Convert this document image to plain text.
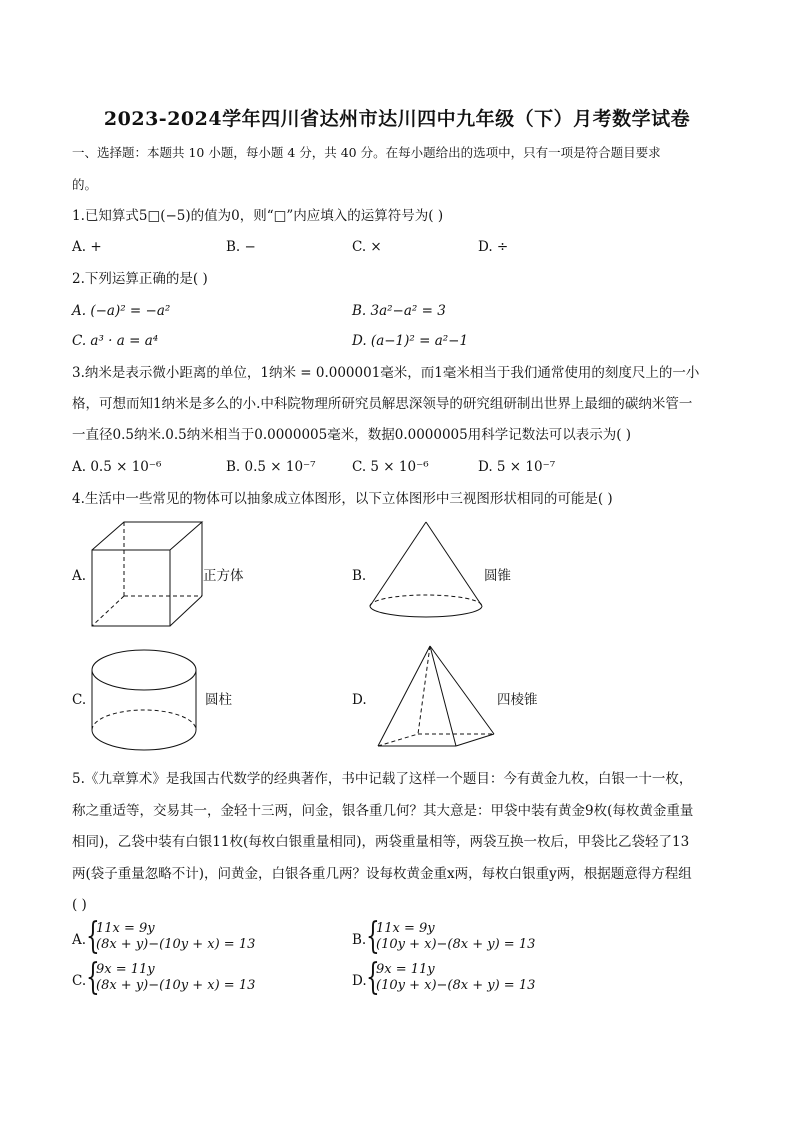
2023-2024学年四川省达州市达川四中九年级（下）月考数学试卷
一、选择题：本题共 10 小题，每小题 4 分，共 40 分。在每小题给出的选项中，只有一项是符合题目要求
的。
1.已知算式5□(−5)的值为0，则“□”内应填入的运算符号为( )
A. +	B. −	C. ×	D. ÷
2.下列运算正确的是( )
A. (−a)² = −a²	B. 3a²−a² = 3
C. a³ · a = a⁴	D. (a−1)² = a²−1
3.纳米是表示微小距离的单位，1纳米 = 0.000001毫米，而1毫米相当于我们通常使用的刻度尺上的一小
格，可想而知1纳米是多么的小.中科院物理所研究员解思深领导的研究组研制出世界上最细的碳纳米管一
一直径0.5纳米.0.5纳米相当于0.0000005毫米，数据0.0000005用科学记数法可以表示为( )
A. 0.5 × 10⁻⁶	B. 0.5 × 10⁻⁷	C. 5 × 10⁻⁶	D. 5 × 10⁻⁷
4.生活中一些常见的物体可以抽象成立体图形，以下立体图形中三视图形状相同的可能是( )
A.	正方体	B.	圆锥
C.	圆柱	D.	四棱锥
5.《九章算术》是我国古代数学的经典著作，书中记载了这样一个题目：今有黄金九枚，白银一十一枚，
称之重适等，交易其一，金轻十三两，问金，银各重几何？其大意是：甲袋中装有黄金9枚(每枚黄金重量
相同)，乙袋中装有白银11枚(每枚白银重量相同)，两袋重量相等，两袋互换一枚后，甲袋比乙袋轻了13
两(袋子重量忽略不计)，问黄金，白银各重几两？设每枚黄金重x两，每枚白银重y两，根据题意得方程组
( )
A. {
11x = 9y
(8x + y)−(10y + x) = 13	B. {
11x = 9y
(10y + x)−(8x + y) = 13
C. {
9x = 11y
(8x + y)−(10y + x) = 13	D. {
9x = 11y
(10y + x)−(8x + y) = 13
